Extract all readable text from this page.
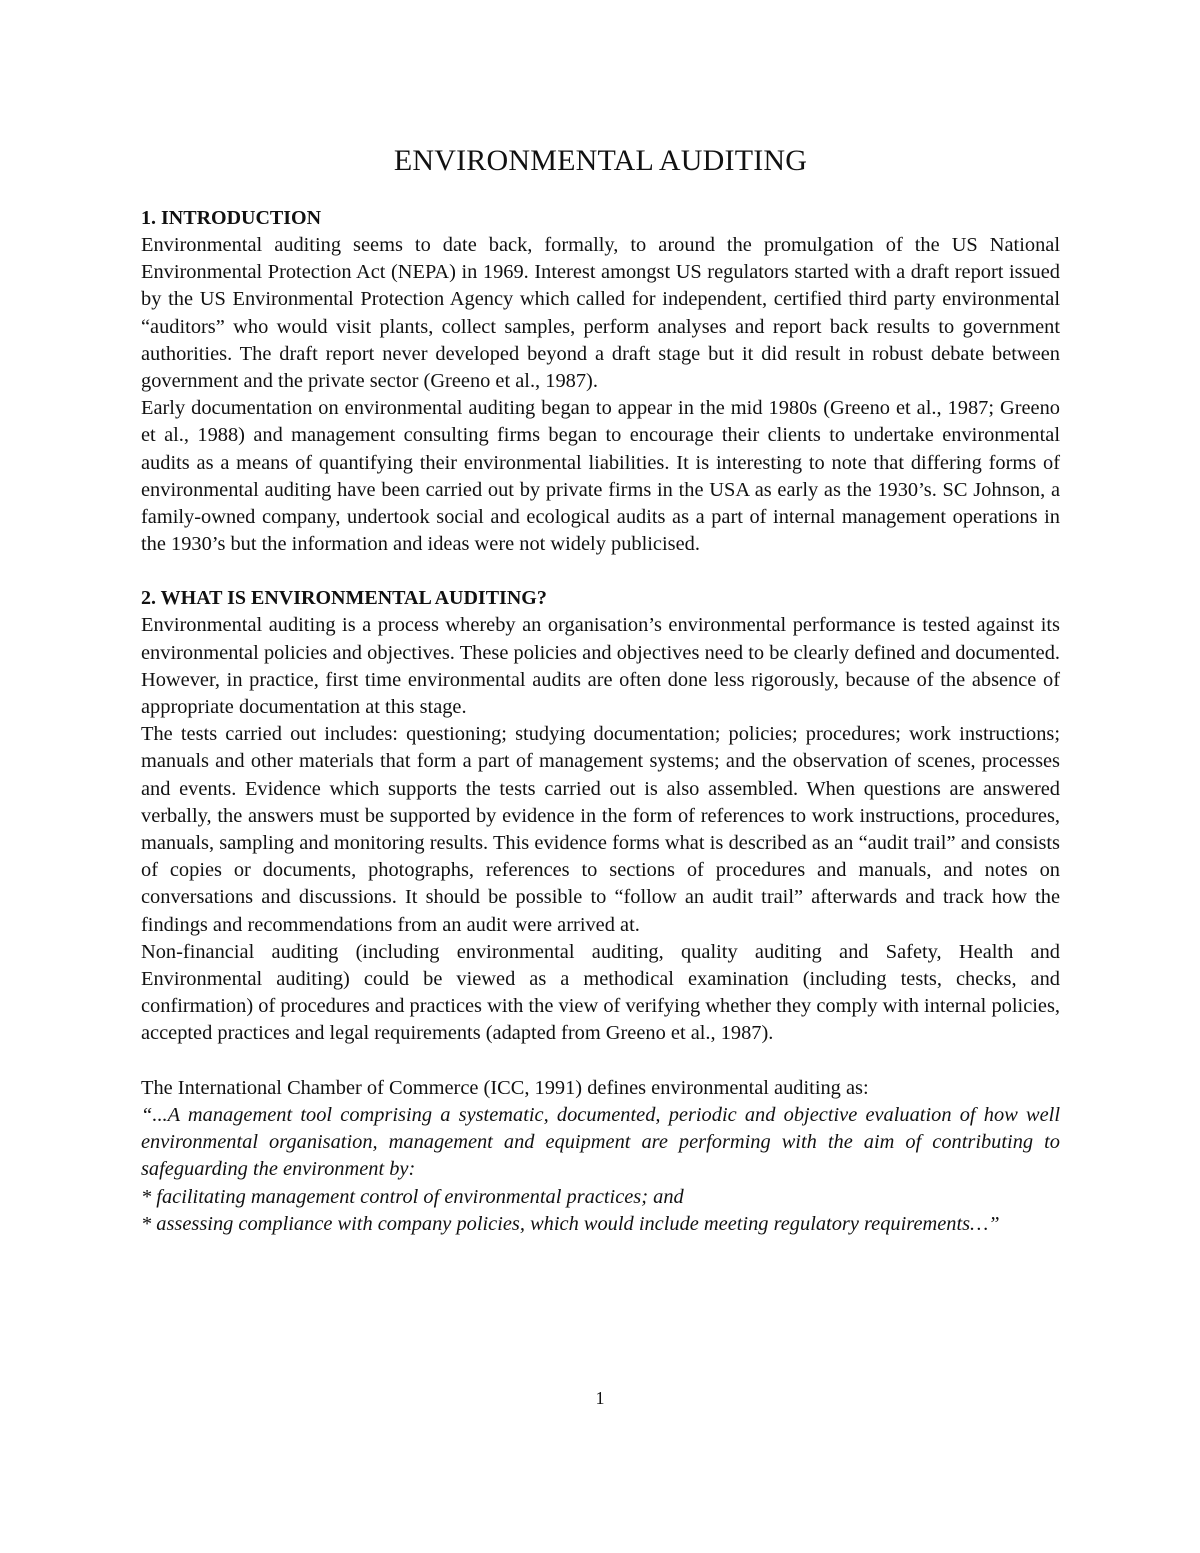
ENVIRONMENTAL AUDITING
1. INTRODUCTION

Environmental auditing seems to date back, formally, to around the promulgation of the US National Environmental Protection Act (NEPA) in 1969. Interest amongst US regulators started with a draft report issued by the US Environmental Protection Agency which called for independent, certified third party environmental “auditors” who would visit plants, collect samples, perform analyses and report back results to government authorities. The draft report never developed beyond a draft stage but it did result in robust debate between government and the private sector (Greeno et al., 1987).

Early documentation on environmental auditing began to appear in the mid 1980s (Greeno et al., 1987; Greeno et al., 1988) and management consulting firms began to encourage their clients to undertake environmental audits as a means of quantifying their environmental liabilities. It is interesting to note that differing forms of environmental auditing have been carried out by private firms in the USA as early as the 1930’s. SC Johnson, a family-owned company, undertook social and ecological audits as a part of internal management operations in the 1930’s but the information and ideas were not widely publicised.

2. WHAT IS ENVIRONMENTAL AUDITING?

Environmental auditing is a process whereby an organisation’s environmental performance is tested against its environmental policies and objectives. These policies and objectives need to be clearly defined and documented. However, in practice, first time environmental audits are often done less rigorously, because of the absence of appropriate documentation at this stage.

The tests carried out includes: questioning; studying documentation; policies; procedures; work instructions; manuals and other materials that form a part of management systems; and the observation of scenes, processes and events. Evidence which supports the tests carried out is also assembled. When questions are answered verbally, the answers must be supported by evidence in the form of references to work instructions, procedures, manuals, sampling and monitoring results. This evidence forms what is described as an “audit trail” and consists of copies or documents, photographs, references to sections of procedures and manuals, and notes on conversations and discussions. It should be possible to “follow an audit trail” afterwards and track how the findings and recommendations from an audit were arrived at.

Non-financial auditing (including environmental auditing, quality auditing and Safety, Health and Environmental auditing) could be viewed as a methodical examination (including tests, checks, and confirmation) of procedures and practices with the view of verifying whether they comply with internal policies, accepted practices and legal requirements (adapted from Greeno et al., 1987).

The International Chamber of Commerce (ICC, 1991) defines environmental auditing as:

“...A management tool comprising a systematic, documented, periodic and objective evaluation of how well environmental organisation, management and equipment are performing with the aim of contributing to safeguarding the environment by:

* facilitating management control of environmental practices; and

* assessing compliance with company policies, which would include meeting regulatory requirements…”

1
